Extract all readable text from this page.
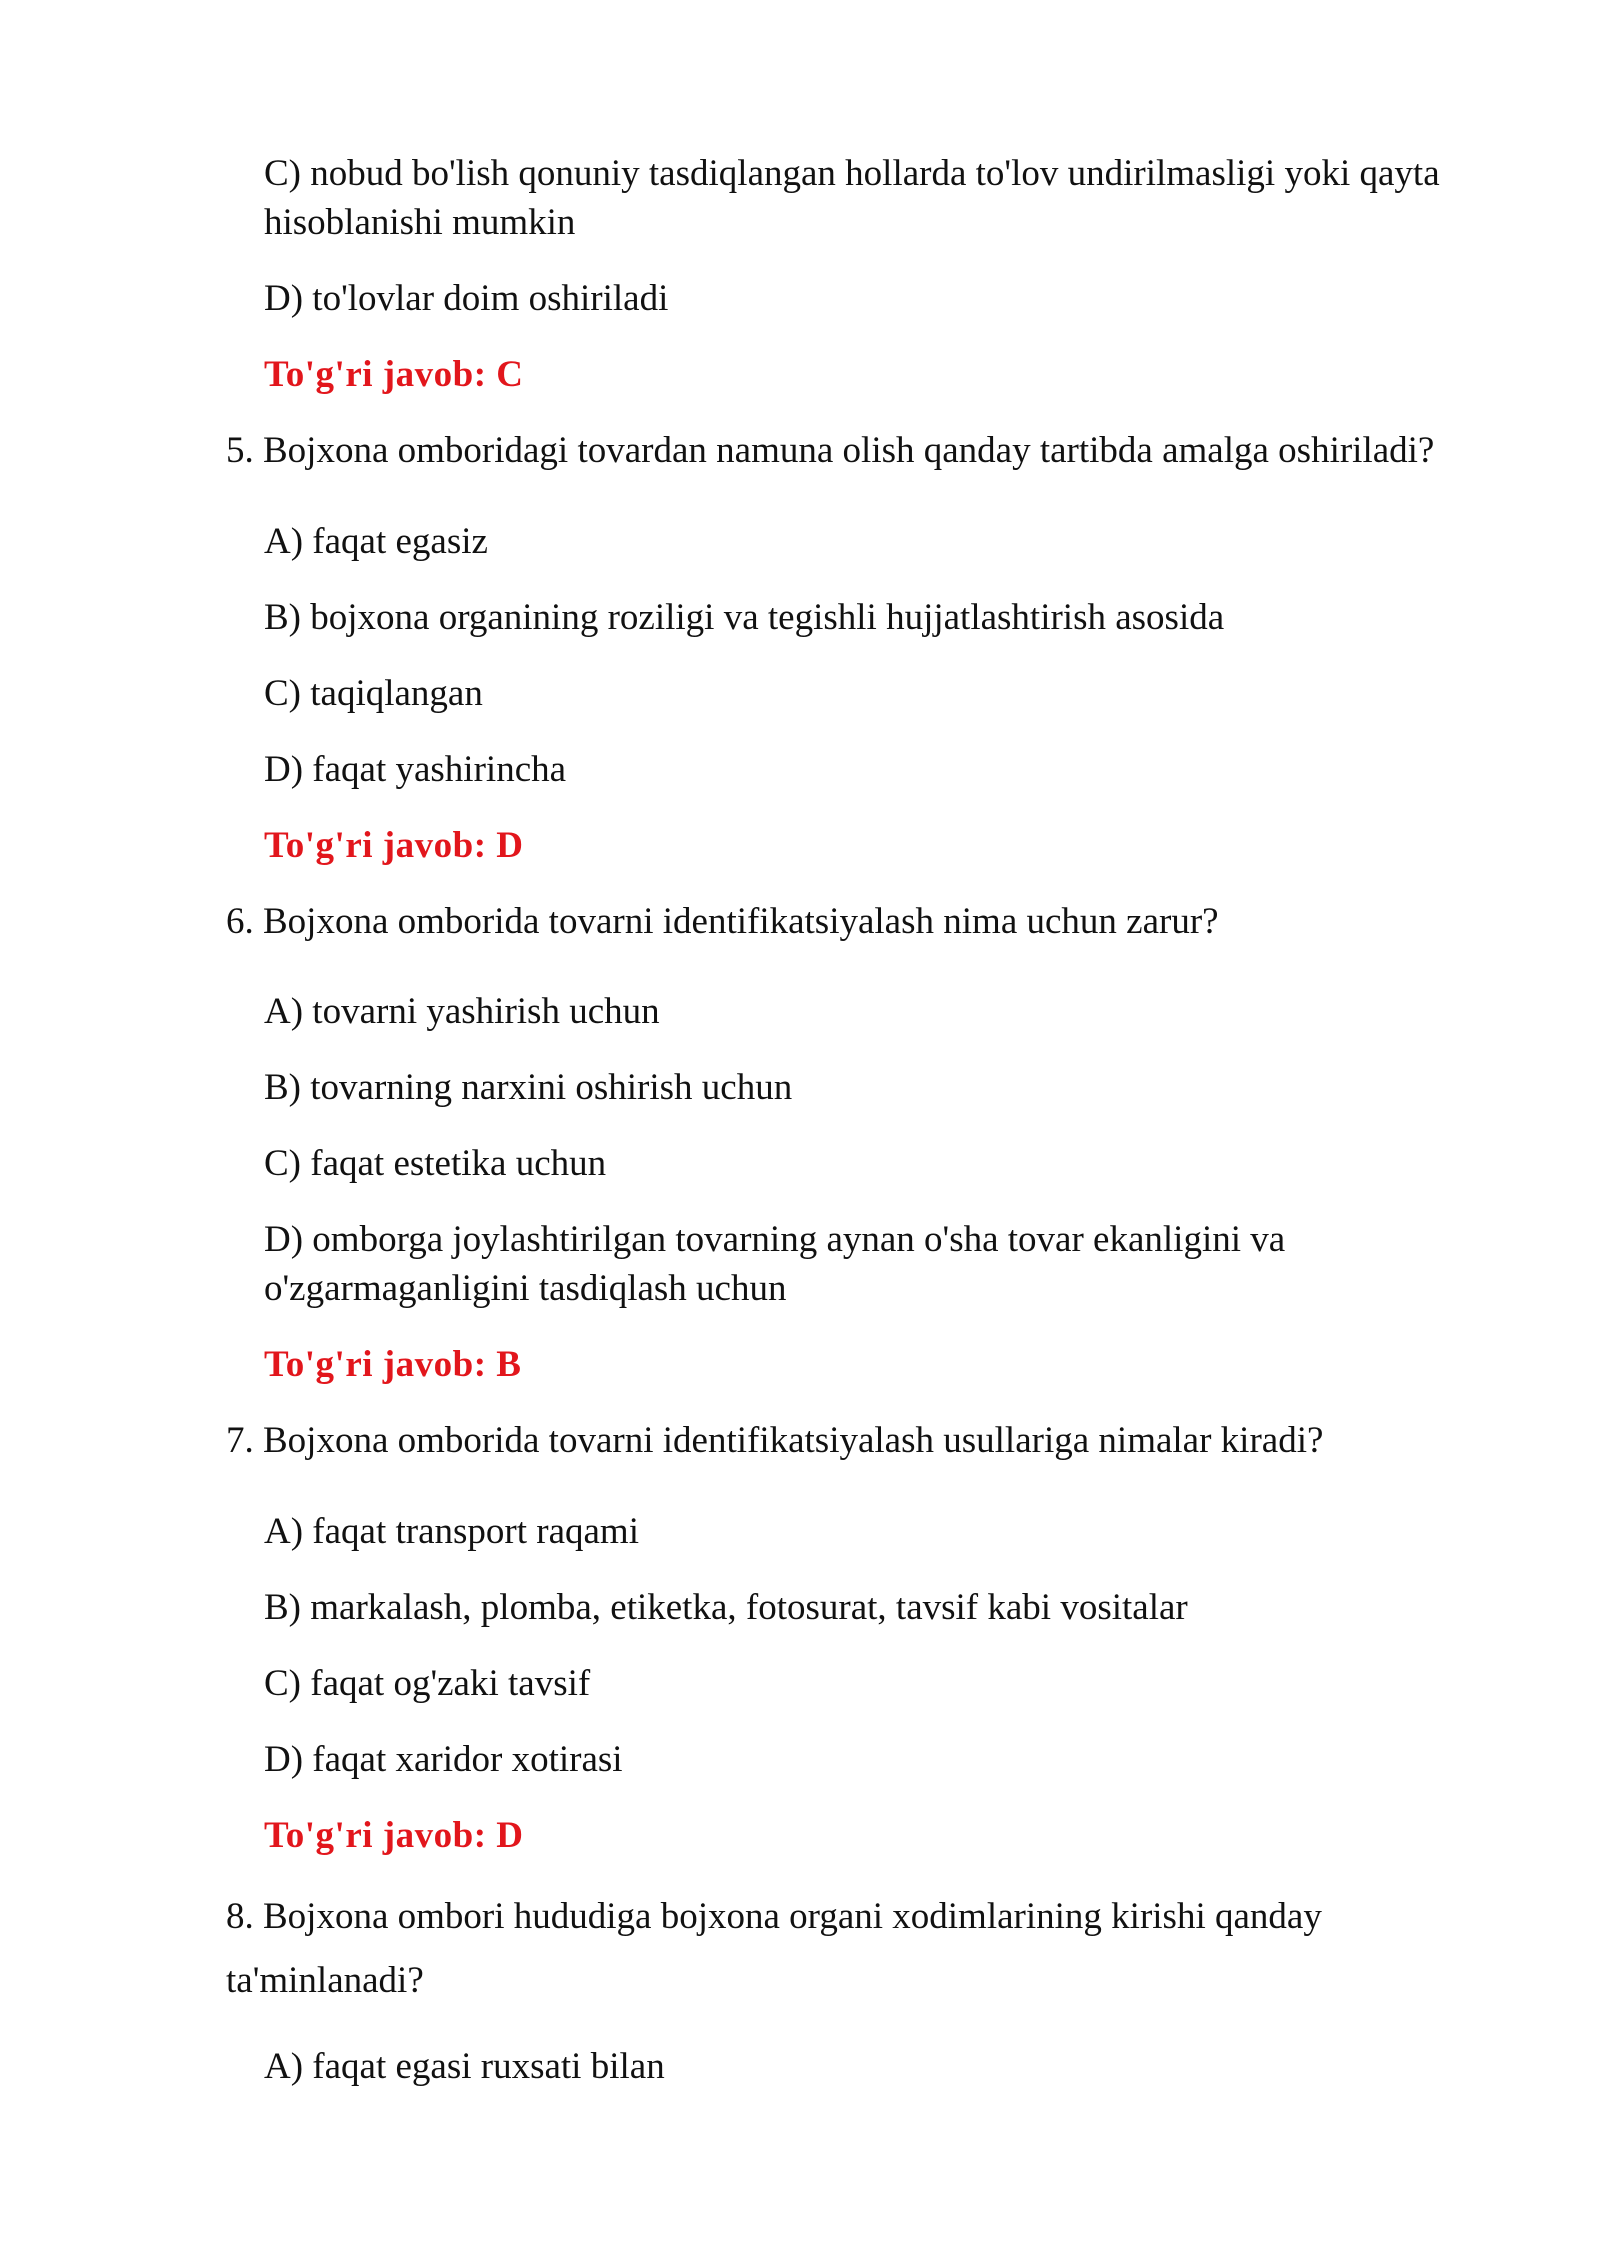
C) nobud bo'lish qonuniy tasdiqlangan hollarda to'lov undirilmasligi yoki qayta hisoblanishi mumkin
D) to'lovlar doim oshiriladi
To'g'ri javob: C
5. Bojxona omboridagi tovardan namuna olish qanday tartibda amalga oshiriladi?
A) faqat egasiz
B) bojxona organining roziligi va tegishli hujjatlashtirish asosida
C) taqiqlangan
D) faqat yashirincha
To'g'ri javob: D
6. Bojxona omborida tovarni identifikatsiyalash nima uchun zarur?
A) tovarni yashirish uchun
B) tovarning narxini oshirish uchun
C) faqat estetika uchun
D) omborga joylashtirilgan tovarning aynan o'sha tovar ekanligini va o'zgarmaganligini tasdiqlash uchun
To'g'ri javob: B
7. Bojxona omborida tovarni identifikatsiyalash usullariga nimalar kiradi?
A) faqat transport raqami
B) markalash, plomba, etiketka, fotosurat, tavsif kabi vositalar
C) faqat og'zaki tavsif
D) faqat xaridor xotirasi
To'g'ri javob: D
8. Bojxona ombori hududiga bojxona organi xodimlarining kirishi qanday ta'minlanadi?
A) faqat egasi ruxsati bilan
